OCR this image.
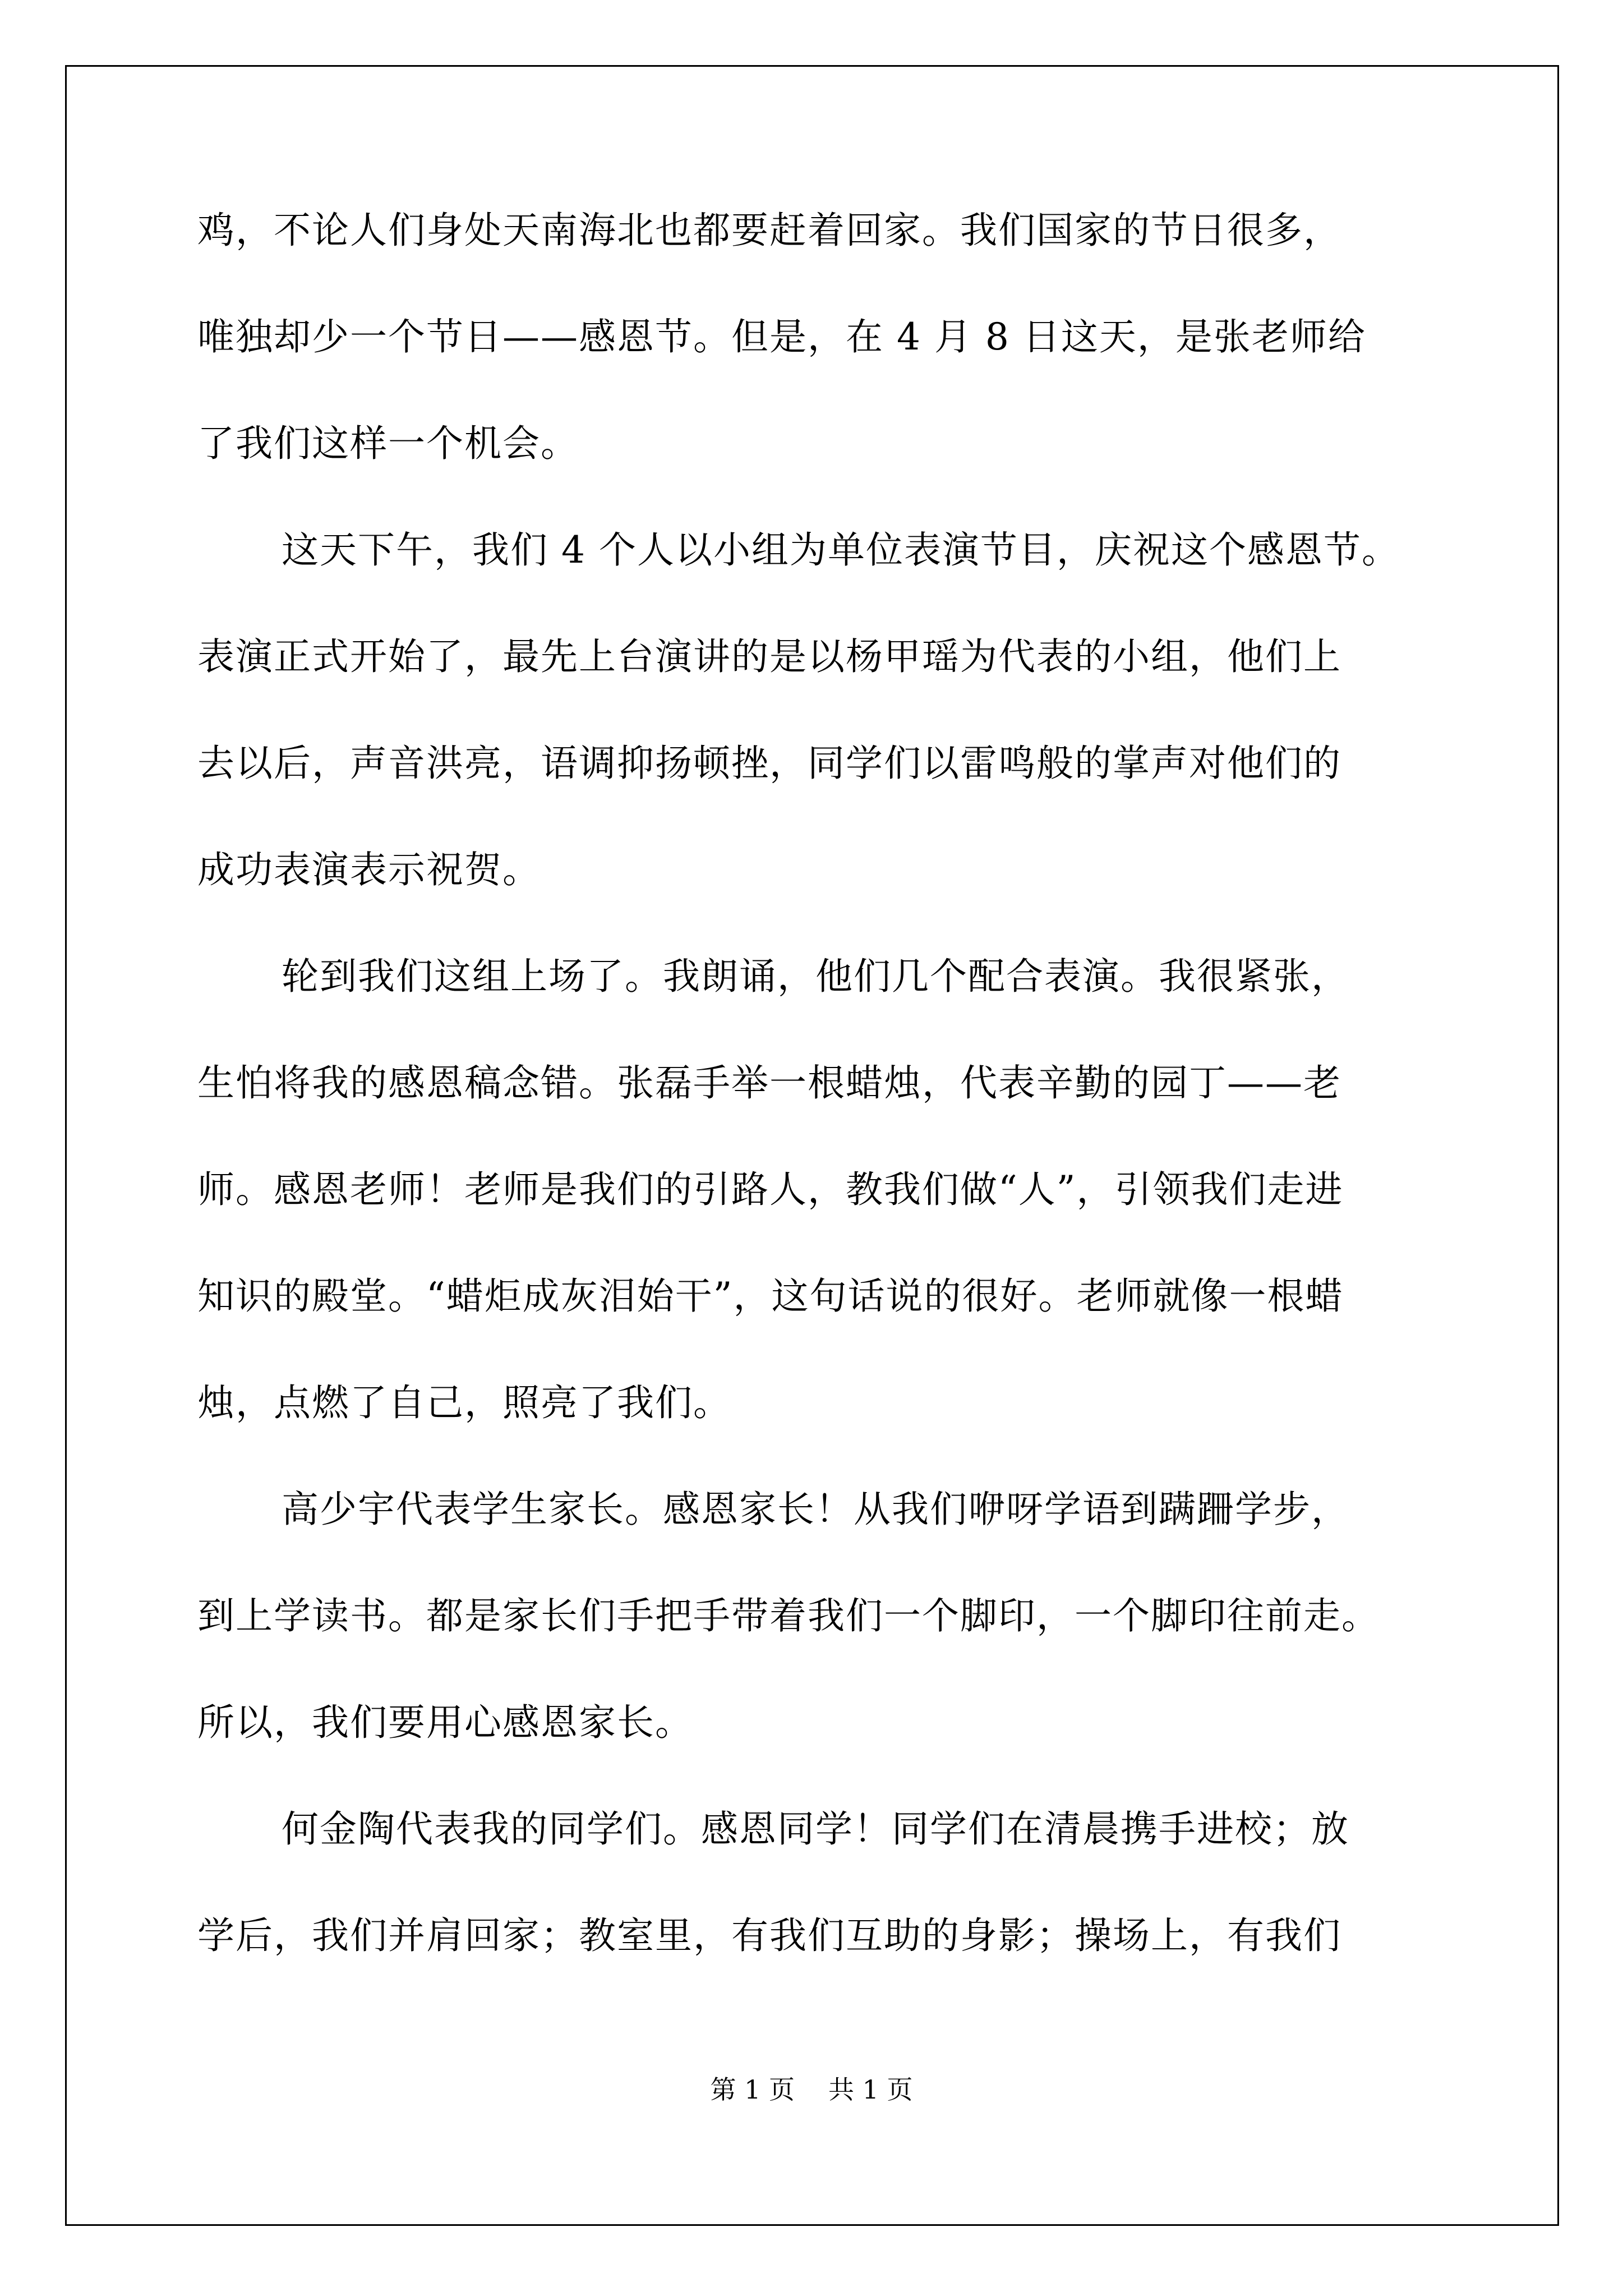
鸡，不论人们身处天南海北也都要赶着回家。我们国家的节日很多，
唯独却少一个节日——感恩节。但是，在 4 月 8 日这天，是张老师给
了我们这样一个机会。
这天下午，我们 4 个人以小组为单位表演节目，庆祝这个感恩节。
表演正式开始了，最先上台演讲的是以杨甲瑶为代表的小组，他们上
去以后，声音洪亮，语调抑扬顿挫，同学们以雷鸣般的掌声对他们的
成功表演表示祝贺。
轮到我们这组上场了。我朗诵，他们几个配合表演。我很紧张，
生怕将我的感恩稿念错。张磊手举一根蜡烛，代表辛勤的园丁——老
师。感恩老师！老师是我们的引路人，教我们做“人”，引领我们走进
知识的殿堂。“蜡炬成灰泪始干”，这句话说的很好。老师就像一根蜡
烛，点燃了自己，照亮了我们。
高少宇代表学生家长。感恩家长！从我们咿呀学语到蹒跚学步，
到上学读书。都是家长们手把手带着我们一个脚印，一个脚印往前走。
所以，我们要用心感恩家长。
何金陶代表我的同学们。感恩同学！同学们在清晨携手进校；放
学后，我们并肩回家；教室里，有我们互助的身影；操场上，有我们
第 1 页 共 1 页
